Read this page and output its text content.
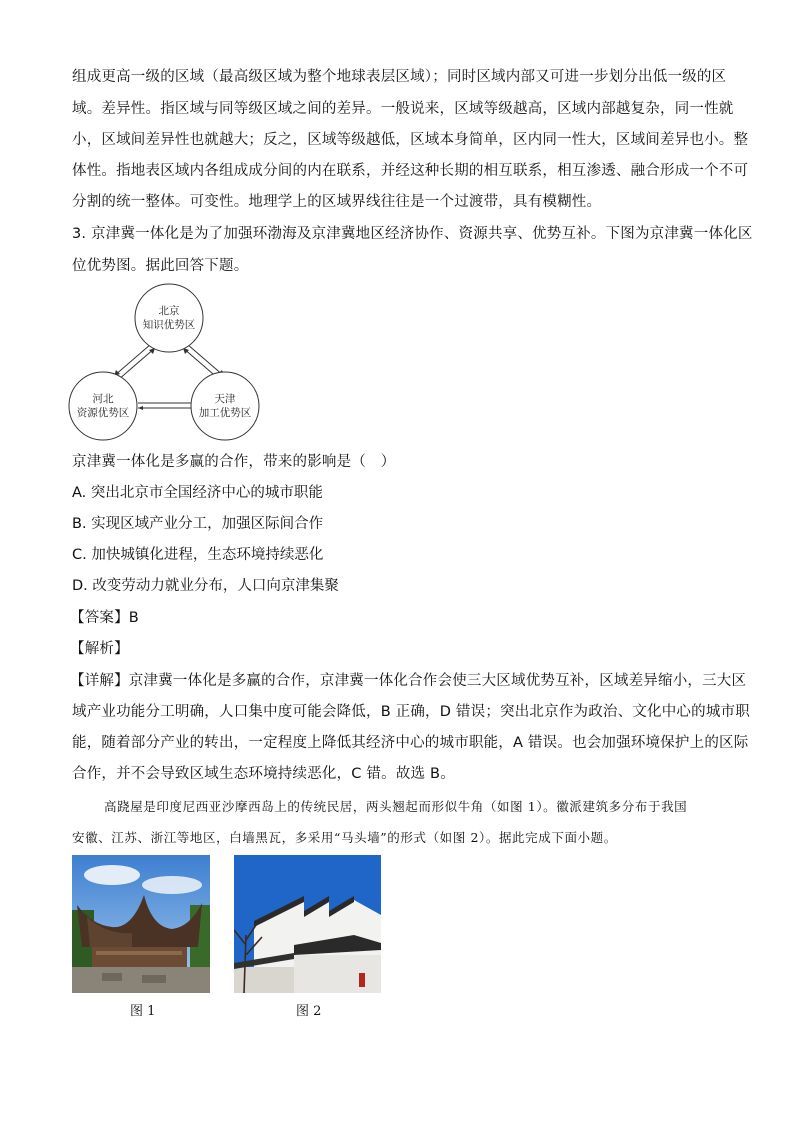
组成更高一级的区域（最高级区域为整个地球表层区域）；同时区域内部又可进一步划分出低一级的区
域。差异性。指区域与同等级区域之间的差异。一般说来，区域等级越高，区域内部越复杂，同一性就
小，区域间差异性也就越大；反之，区域等级越低，区域本身简单，区内同一性大，区域间差异也小。整
体性。指地表区域内各组成成分间的内在联系，并经这种长期的相互联系，相互渗透、融合形成一个不可
分割的统一整体。可变性。地理学上的区域界线往往是一个过渡带，具有模糊性。
3. 京津冀一体化是为了加强环渤海及京津冀地区经济协作、资源共享、优势互补。下图为京津冀一体化区
位优势图。据此回答下题。
北京
知识优势区
河北
资源优势区
天津
加工优势区
京津冀一体化是多赢的合作，带来的影响是（　）
A. 突出北京市全国经济中心的城市职能
B. 实现区域产业分工，加强区际间合作
C. 加快城镇化进程，生态环境持续恶化
D. 改变劳动力就业分布，人口向京津集聚
【答案】B
【解析】
【详解】京津冀一体化是多赢的合作，京津冀一体化合作会使三大区域优势互补，区域差异缩小，三大区
域产业功能分工明确，人口集中度可能会降低，B 正确，D 错误；突出北京作为政治、文化中心的城市职
能，随着部分产业的转出，一定程度上降低其经济中心的城市职能，A 错误。也会加强环境保护上的区际
合作，并不会导致区域生态环境持续恶化，C 错。故选 B。
高跷屋是印度尼西亚沙摩西岛上的传统民居，两头翘起而形似牛角（如图 1）。徽派建筑多分布于我国
安徽、江苏、浙江等地区，白墙黑瓦，多采用“马头墙”的形式（如图 2）。据此完成下面小题。
图 1	图 2
